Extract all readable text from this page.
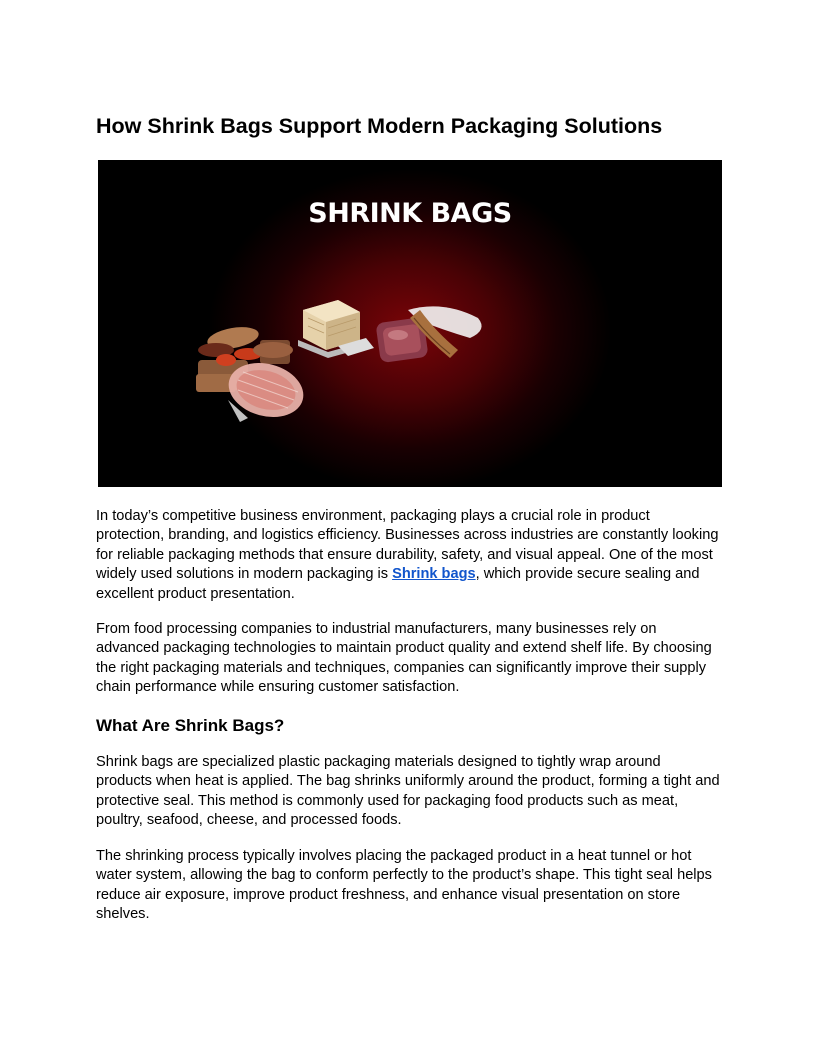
How Shrink Bags Support Modern Packaging Solutions
SHRINK BAGS

In today’s competitive business environment, packaging plays a crucial role in product protection, branding, and logistics efficiency. Businesses across industries are constantly looking for reliable packaging methods that ensure durability, safety, and visual appeal. One of the most widely used solutions in modern packaging is Shrink bags, which provide secure sealing and excellent product presentation.

From food processing companies to industrial manufacturers, many businesses rely on advanced packaging technologies to maintain product quality and extend shelf life. By choosing the right packaging materials and techniques, companies can significantly improve their supply chain performance while ensuring customer satisfaction.

What Are Shrink Bags?

Shrink bags are specialized plastic packaging materials designed to tightly wrap around products when heat is applied. The bag shrinks uniformly around the product, forming a tight and protective seal. This method is commonly used for packaging food products such as meat, poultry, seafood, cheese, and processed foods.

The shrinking process typically involves placing the packaged product in a heat tunnel or hot water system, allowing the bag to conform perfectly to the product’s shape. This tight seal helps reduce air exposure, improve product freshness, and enhance visual presentation on store shelves.
